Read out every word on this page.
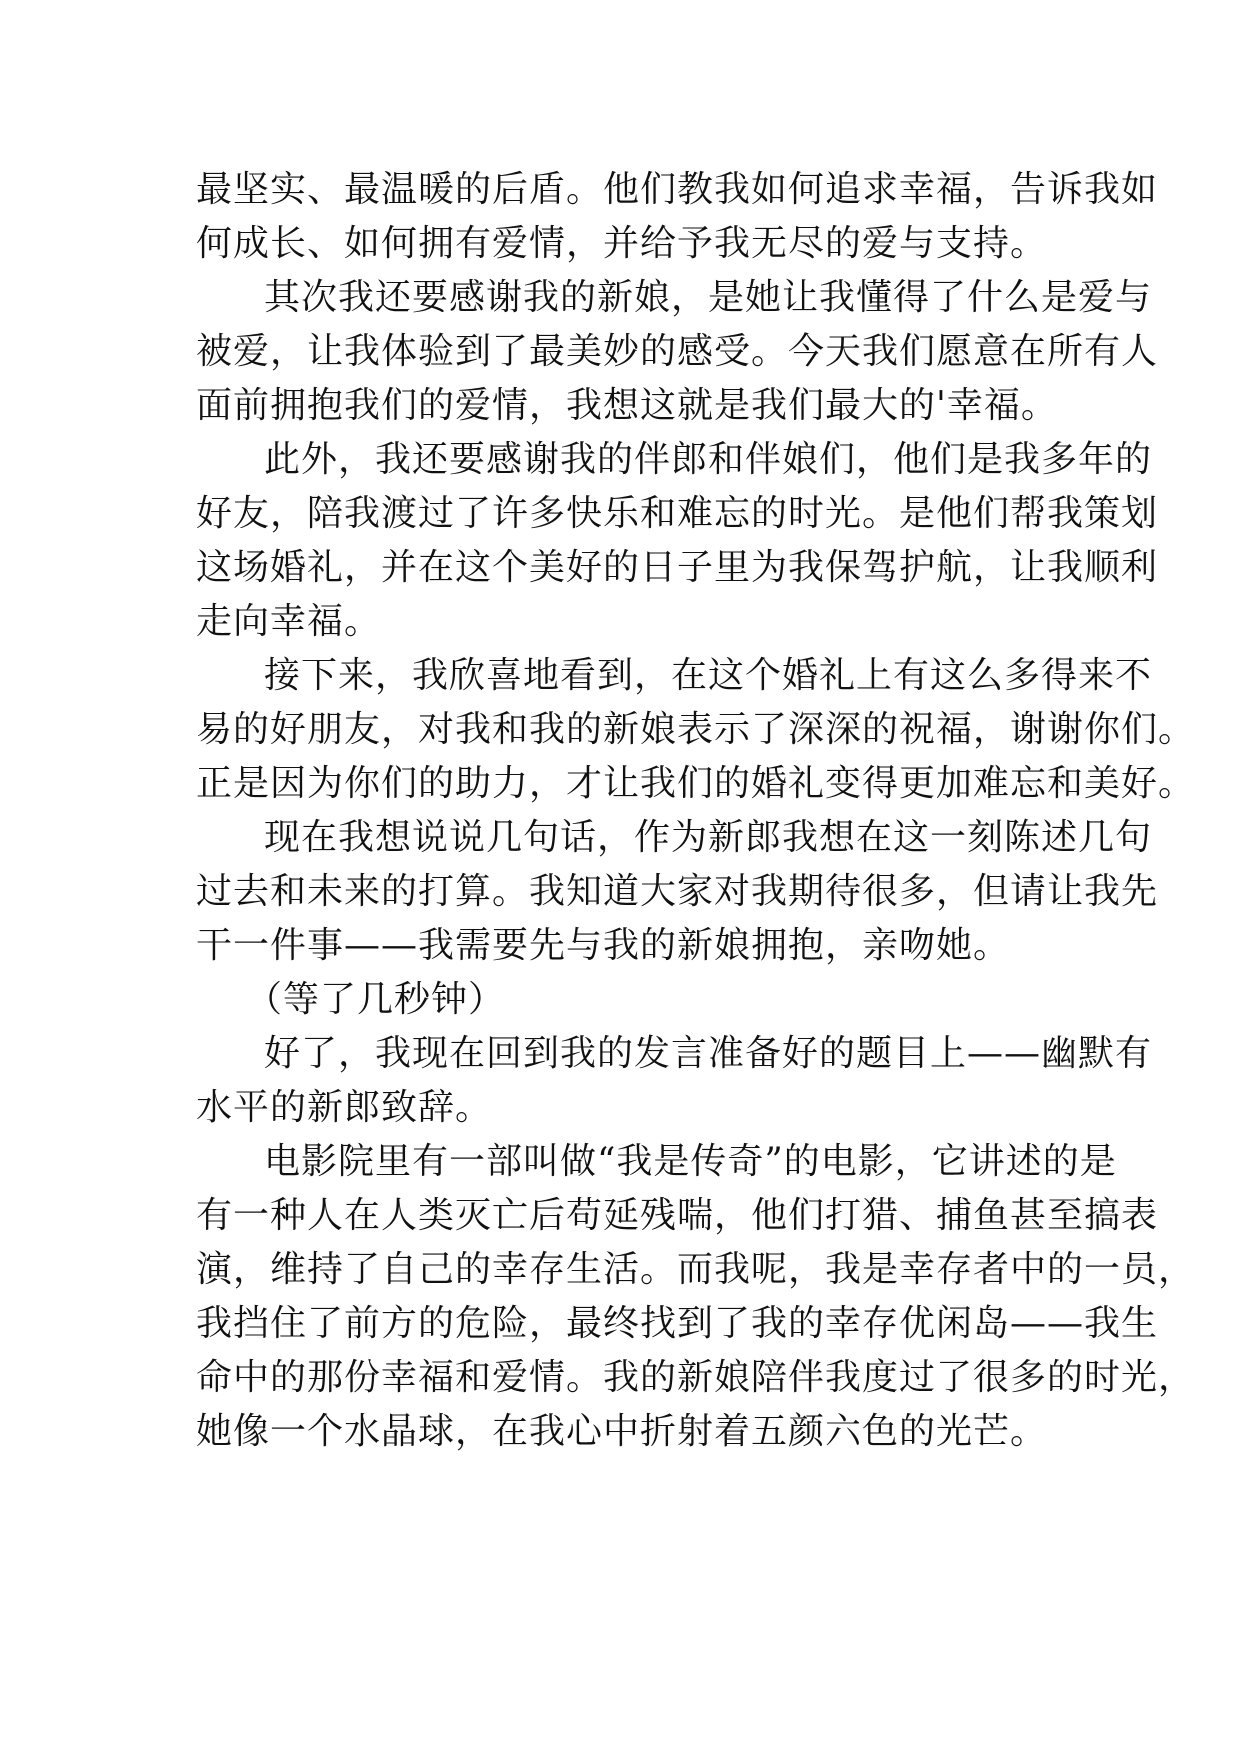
最坚实、最温暖的后盾。他们教我如何追求幸福，告诉我如
何成长、如何拥有爱情，并给予我无尽的爱与支持。
其次我还要感谢我的新娘，是她让我懂得了什么是爱与
被爱，让我体验到了最美妙的感受。今天我们愿意在所有人
面前拥抱我们的爱情，我想这就是我们最大的'幸福。
此外，我还要感谢我的伴郎和伴娘们，他们是我多年的
好友，陪我渡过了许多快乐和难忘的时光。是他们帮我策划
这场婚礼，并在这个美好的日子里为我保驾护航，让我顺利
走向幸福。
接下来，我欣喜地看到，在这个婚礼上有这么多得来不
易的好朋友，对我和我的新娘表示了深深的祝福，谢谢你们。
正是因为你们的助力，才让我们的婚礼变得更加难忘和美好。
现在我想说说几句话，作为新郎我想在这一刻陈述几句
过去和未来的打算。我知道大家对我期待很多，但请让我先
干一件事——我需要先与我的新娘拥抱，亲吻她。
（等了几秒钟）
好了，我现在回到我的发言准备好的题目上——幽默有
水平的新郎致辞。
电影院里有一部叫做“我是传奇”的电影，它讲述的是
有一种人在人类灭亡后苟延残喘，他们打猎、捕鱼甚至搞表
演，维持了自己的幸存生活。而我呢，我是幸存者中的一员，
我挡住了前方的危险，最终找到了我的幸存优闲岛——我生
命中的那份幸福和爱情。我的新娘陪伴我度过了很多的时光，
她像一个水晶球，在我心中折射着五颜六色的光芒。
